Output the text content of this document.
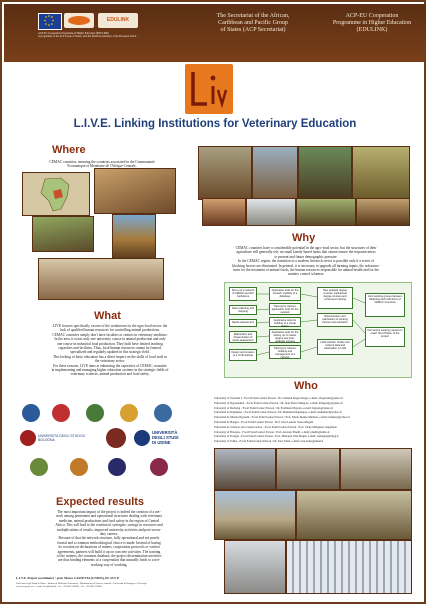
EDULINK
ACP-EU Cooperation Programme in Higher Education (EDULINK)
A programme of the ACP Group of States, with the financial assistance of the European Union.

The Secretariat of the African,

Caribbean and Pacific Group

of States (ACP Secretariat)

ACP-EU Cooperation

Programme in Higher Education

(EDULINK)

L.I.V.E. Linking Institutions for Veterinary Education
Where

CEMAC countries, meaning the countries associated in the Communauté

Economique et Monétaire de l'Afrique Centrale.

Why

CEMAC countries have a considerable potential in the agro-food sector, but the structures of their

agriculture still generally rely on small family-based farms that cannot ensure the responsiveness

to present and future demographic pressure.

In the CEMAC region, the transition to a modern livestock sector is possible only if a series of

blocking factors are eliminated. In general, it is necessary to upgrade all farming inputs, the infrastruc-

tures for the treatment of animal foods, the human resources responsible for animal health and for the

sanitary control schemes.

Set-up of a network of CEMAC and EU institutions
Data collecting and mapping
Needs assessment
Elaboration and dissemination of needs assessment
Design and creation of a LIVE website
Applicative tools for the network: building of a database
Training for trainers: application tools for the network
Applicative tools for building of a virtual station
Applicative tools for the setting up of master degree and post-graduate courses
Training for trainers: building and management of a network
New updated degree courses: institutional degree courses and continuous training
Dissemination and valorisation of working themes and education
LIVE website: bodies and network data and valorisation in LIVE
Joint working groups between Modeling and Institutions of CEMAC Countries
Permanent working network to reach 'Next Phase' of the project
What

LIVE focuses specifically on one of the weaknesses in the agro-food sector: the

lack of qualified human resources for controlling animal productions.

CEMAC countries simply don't have faculties or centres in veterinary medicine.

In the area, it exists only one university course in animal production and only

one course in industrial food production. They both have limited teaching

capacities and facilities. Thus, local human resources cannot be formed,

specialized and regularly updated in this strategic field.

This lacking of basic education has a direct impact on the skills of local staff in

the veterinary sector.

For these reasons, LIVE aims at enhancing the capacities of CEMAC countries

in implementing and managing higher education systems in the strategic fields of

veterinary sciences, animal production and food safety.

UNIVERSITÀ DEGLI STUDI DI BOLOGNA

UNIVERSITÀ

DEGLI STUDI

DI UDINE

Who

University of Yaoundé I - Focal Point/Contact Person : Dr. Clément Roger Abega, e-mail: abegaclem@yahoo.fr

University of Ngaoundéré - Focal Point/Contact Person : Dr. Jean Pierre Mingoas, e-mail: mingoasjp@yahoo.fr

University of Dschang - Focal Point/Contact Person : Dr. Ferdinand Ngoula, e-mail: fngoula@yahoo.fr

Université de Ndjamena - Focal Point/Contact Person : Dr. Mahamat Deguiagou, e-mail: mahamatd@yahoo.fr

Université de Marien Ngouabi - Focal Point/Contact Person : Prof. Marie Denise Mankou, e-mail: mankou@yahoo.fr

Université de Bangui - Focal Point/Contact Person : Prof. Jean Laurent Syssa-Magalé

Université de Sciences de la Santé Gabon - Focal Point/Contact Person : Prof. Vicky Mbigueno Angelique

University of Bologna - Focal Point/Contact Person : Prof. Antonio Pinelli, e-mail: pinelli@unibo.it

University of Perugia - Focal Point/Contact Person : Prof. Mariapia Vida Magni, e-mail: vpmagni@unipg.it

University of Udine - Focal Point/Contact Person : Dr. Sara Tomè, e-mail: sara.tome@uniud.it

Expected results

The most important impact of the project is indeed the creation of a net-

work among permanent and operational structures dealing with veterinary

medicine, animal productions and food safety in the region of Central

Africa. This will lead to the creation of synergies, savings in resources and

multiplications of results, improved university activities and post-secon-

dary careers.

Because of that the network structure, fully operational and not purely

formal and a common methodological choice is made. Instead of basing

its creation on declarations of intents, cooperation protocols or written

agreements, partners will build it up on concrete activities. The training

of the trainers, the common database, the project dissemination activities

are thus binding elements of a cooperation that naturally leads to a net-

working way of working.

L.I.V.E. Project coordinator : prof. Marco CASSETTA (UNIUD), Dr. SCF P.

Université degli Studi di Udine - Istituto di Medicina Veterinaria - Dipartimento di Scienze Animali - Università di Bologna e di Perugia

www.liveproject.it - e-mail: live@uniud.it - tel: +39 0432 558586 - fax: +39 0432 558603
